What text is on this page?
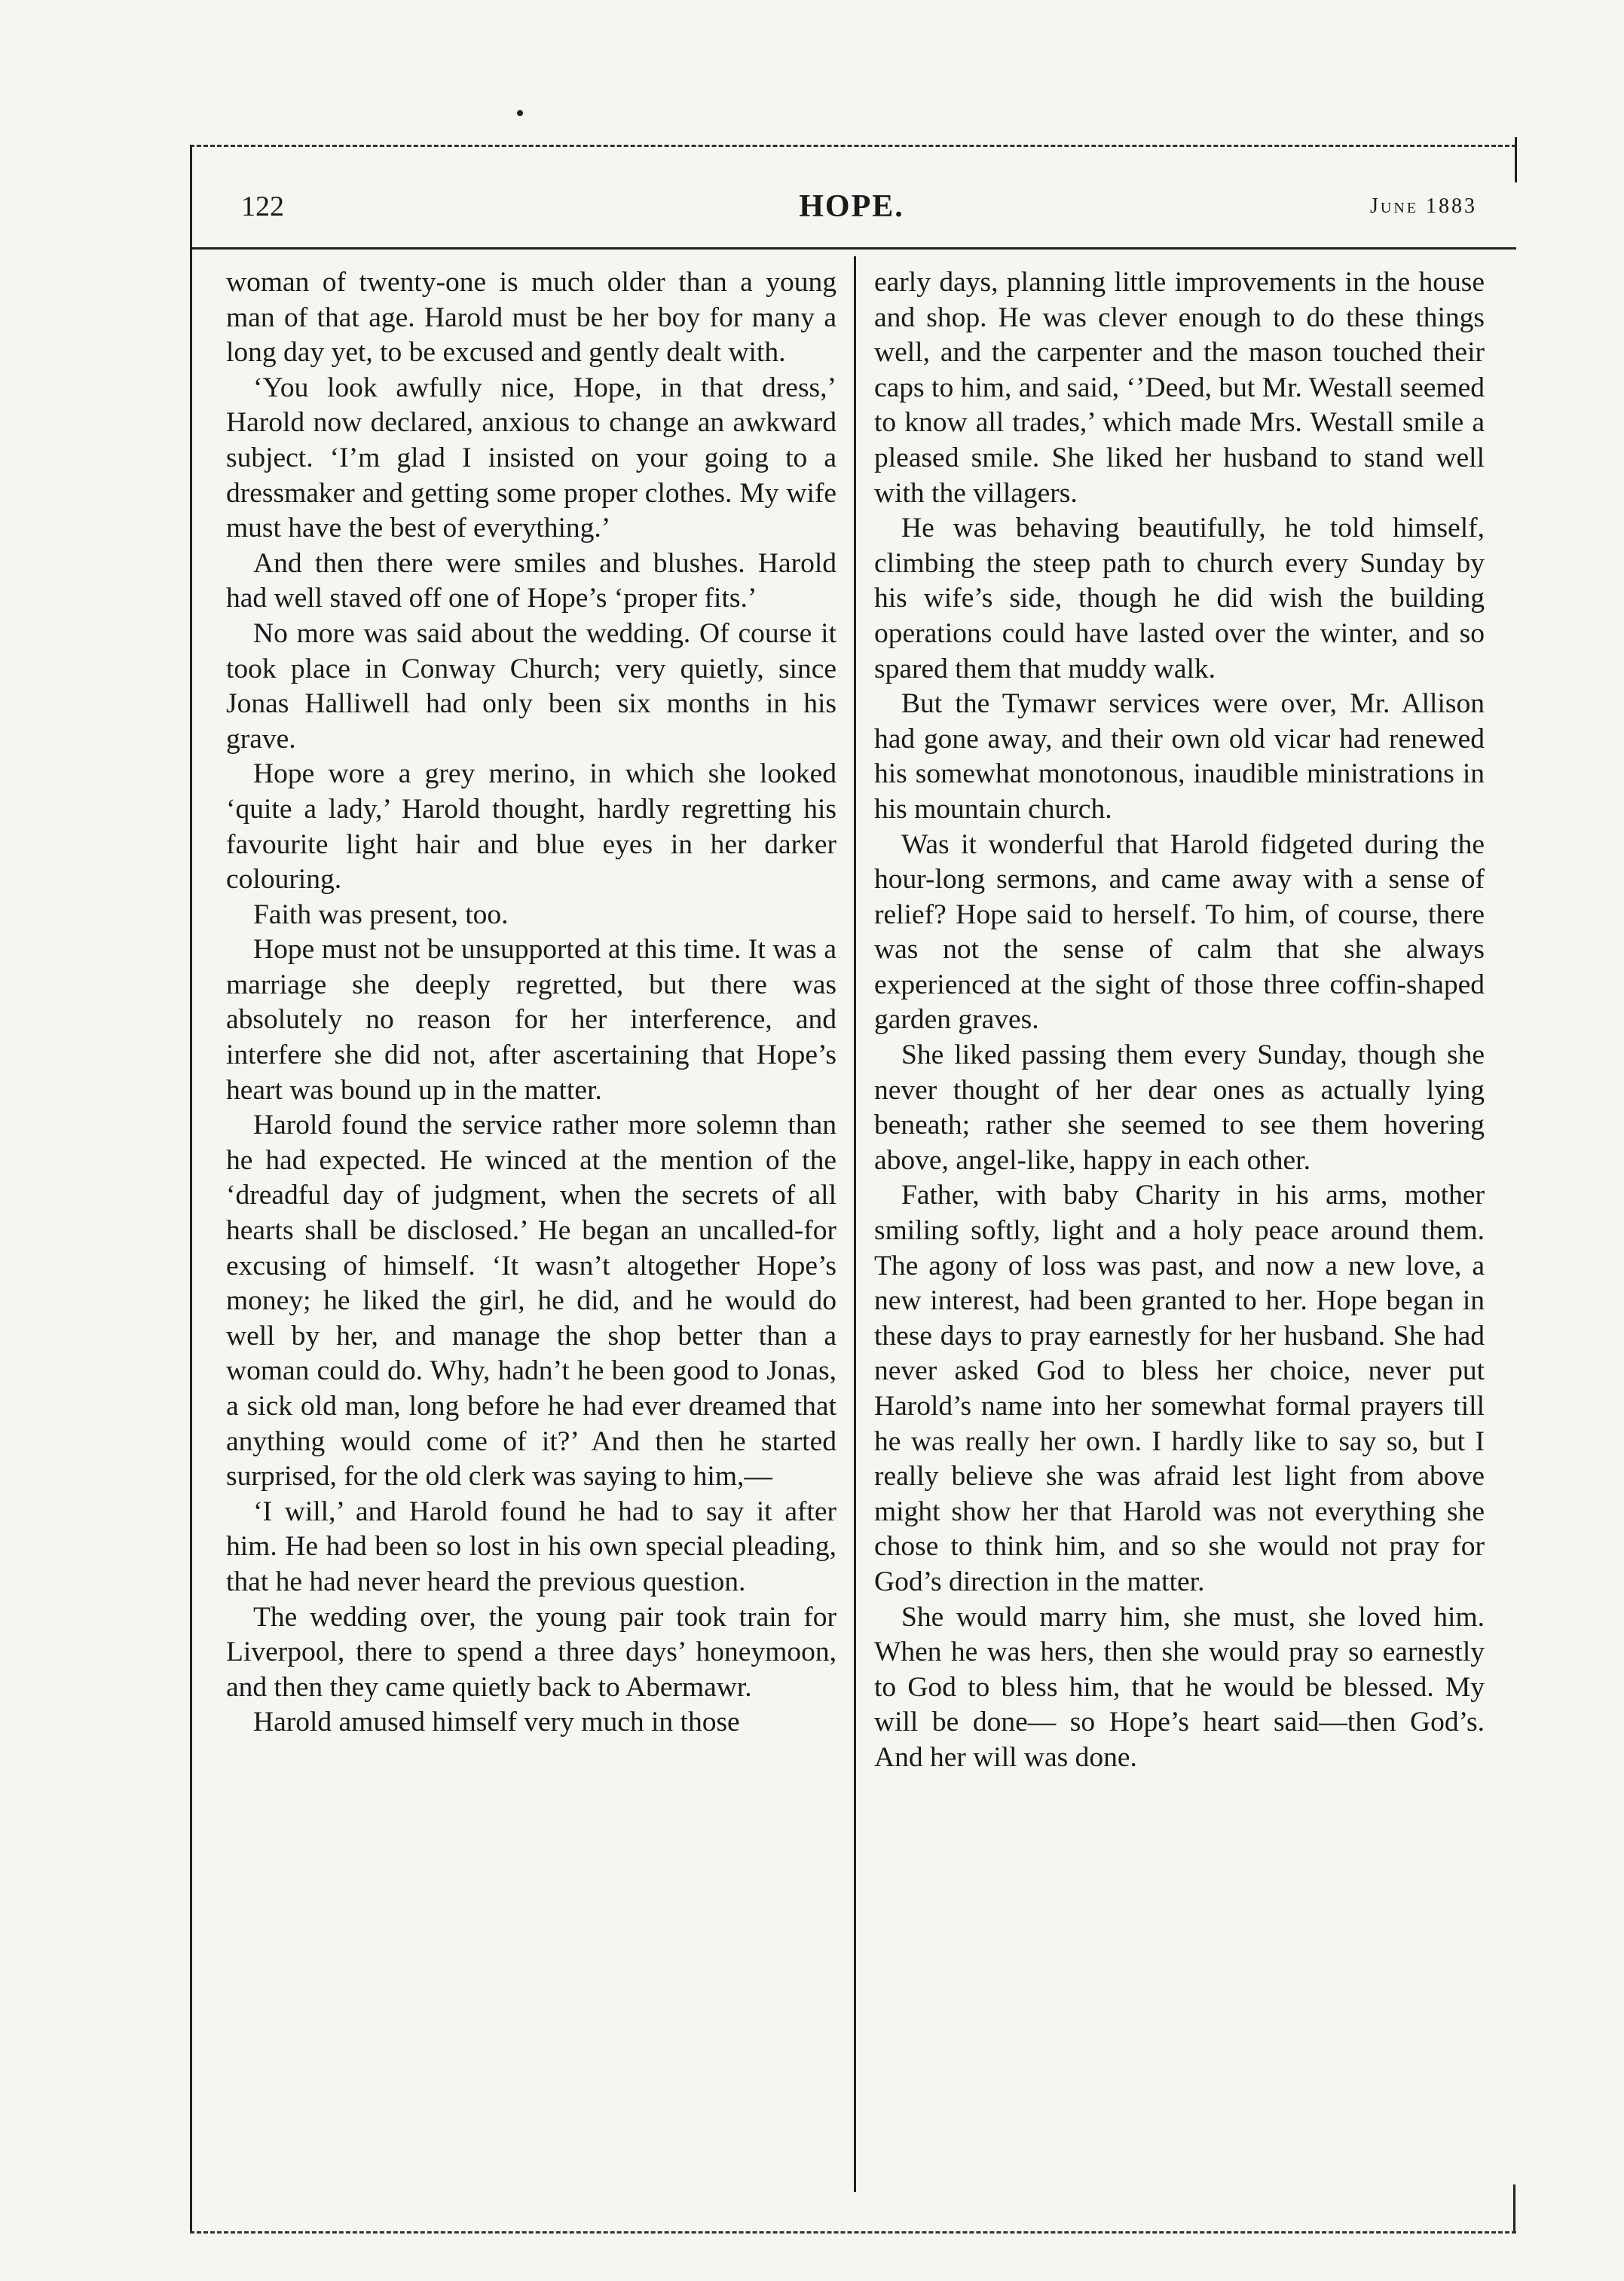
122	HOPE.	June 1883

woman of twenty-one is much older than a young man of that age. Harold must be her boy for many a long day yet, to be excused and gently dealt with.

‘You look awfully nice, Hope, in that dress,’ Harold now declared, anxious to change an awkward subject. ‘I’m glad I insisted on your going to a dressmaker and getting some proper clothes. My wife must have the best of everything.’

And then there were smiles and blushes. Harold had well staved off one of Hope’s ‘proper fits.’

No more was said about the wedding. Of course it took place in Conway Church; very quietly, since Jonas Halliwell had only been six months in his grave.

Hope wore a grey merino, in which she looked ‘quite a lady,’ Harold thought, hardly regretting his favourite light hair and blue eyes in her darker colouring.

Faith was present, too.

Hope must not be unsupported at this time. It was a marriage she deeply regretted, but there was absolutely no reason for her interference, and interfere she did not, after ascertaining that Hope’s heart was bound up in the matter.

Harold found the service rather more solemn than he had expected. He winced at the mention of the ‘dreadful day of judgment, when the secrets of all hearts shall be disclosed.’ He began an uncalled-for excusing of himself. ‘It wasn’t altogether Hope’s money; he liked the girl, he did, and he would do well by her, and manage the shop better than a woman could do. Why, hadn’t he been good to Jonas, a sick old man, long before he had ever dreamed that anything would come of it?’ And then he started surprised, for the old clerk was saying to him,—

‘I will,’ and Harold found he had to say it after him. He had been so lost in his own special pleading, that he had never heard the previous question.

The wedding over, the young pair took train for Liverpool, there to spend a three days’ honeymoon, and then they came quietly back to Abermawr.

Harold amused himself very much in those

early days, planning little improvements in the house and shop. He was clever enough to do these things well, and the carpenter and the mason touched their caps to him, and said, ‘’Deed, but Mr. Westall seemed to know all trades,’ which made Mrs. Westall smile a pleased smile. She liked her husband to stand well with the villagers.

He was behaving beautifully, he told himself, climbing the steep path to church every Sunday by his wife’s side, though he did wish the building operations could have lasted over the winter, and so spared them that muddy walk.

But the Tymawr services were over, Mr. Allison had gone away, and their own old vicar had renewed his somewhat monotonous, inaudible ministrations in his mountain church.

Was it wonderful that Harold fidgeted during the hour-long sermons, and came away with a sense of relief? Hope said to herself. To him, of course, there was not the sense of calm that she always experienced at the sight of those three coffin-shaped garden graves.

She liked passing them every Sunday, though she never thought of her dear ones as actually lying beneath; rather she seemed to see them hovering above, angel-like, happy in each other.

Father, with baby Charity in his arms, mother smiling softly, light and a holy peace around them. The agony of loss was past, and now a new love, a new interest, had been granted to her. Hope began in these days to pray earnestly for her husband. She had never asked God to bless her choice, never put Harold’s name into her somewhat formal prayers till he was really her own. I hardly like to say so, but I really believe she was afraid lest light from above might show her that Harold was not everything she chose to think him, and so she would not pray for God’s direction in the matter.

She would marry him, she must, she loved him. When he was hers, then she would pray so earnestly to God to bless him, that he would be blessed. My will be done— so Hope’s heart said—then God’s. And her will was done.
